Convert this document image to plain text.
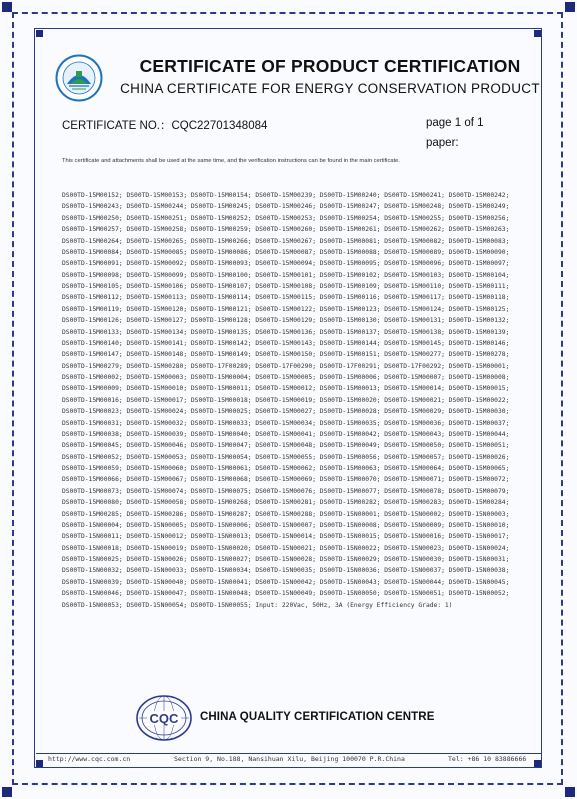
CERTIFICATE OF PRODUCT CERTIFICATION
CHINA CERTIFICATE FOR ENERGY CONSERVATION PRODUCT
CERTIFICATE NO.：CQC22701348084	page 1 of 1
paper:
This certificate and attachments shall be used at the same time, and the verification instructions can be found in the main certificate.
DS00TD-15M00152; DS00TD-15M00153; DS00TD-15M00154; DS00TD-15M00239; DS00TD-15M00240; DS00TD-15M00241; DS00TD-15M00242;
DS00TD-15M00243; DS00TD-15M00244; DS00TD-15M00245; DS00TD-15M00246; DS00TD-15M00247; DS00TD-15M00248; DS00TD-15M00249;
DS00TD-15M00250; DS00TD-15M00251; DS00TD-15M00252; DS00TD-15M00253; DS00TD-15M00254; DS00TD-15M00255; DS00TD-15M00256;
DS00TD-15M00257; DS00TD-15M00258; DS00TD-15M00259; DS00TD-15M00260; DS00TD-15M00261; DS00TD-15M00262; DS00TD-15M00263;
DS00TD-15M00264; DS00TD-15M00265; DS00TD-15M00266; DS00TD-15M00267; DS00TD-15M00081; DS00TD-15M00082; DS00TD-15M00083;
DS00TD-15M00084; DS00TD-15M00085; DS00TD-15M00086; DS00TD-15M00087; DS00TD-15M00088; DS00TD-15M00089; DS00TD-15M00090;
DS00TD-15M00091; DS00TD-15M00092; DS00TD-15M00093; DS00TD-15M00094; DS00TD-15M00095; DS00TD-15M00096; DS00TD-15M00097;
DS00TD-15M00098; DS00TD-15M00099; DS00TD-15M00100; DS00TD-15M00101; DS00TD-15M00102; DS00TD-15M00103; DS00TD-15M00104;
DS00TD-15M00105; DS00TD-15M00106; DS00TD-15M00107; DS00TD-15M00108; DS00TD-15M00109; DS00TD-15M00110; DS00TD-15M00111;
DS00TD-15M00112; DS00TD-15M00113; DS00TD-15M00114; DS00TD-15M00115; DS00TD-15M00116; DS00TD-15M00117; DS00TD-15M00118;
DS00TD-15M00119; DS00TD-15M00120; DS00TD-15M00121; DS00TD-15M00122; DS00TD-15M00123; DS00TD-15M00124; DS00TD-15M00125;
DS00TD-15M00126; DS00TD-15M00127; DS00TD-15M00128; DS00TD-15M00129; DS00TD-15M00130; DS00TD-15M00131; DS00TD-15M00132;
DS00TD-15M00133; DS00TD-15M00134; DS00TD-15M00135; DS00TD-15M00136; DS00TD-15M00137; DS00TD-15M00138; DS00TD-15M00139;
DS00TD-15M00140; DS00TD-15M00141; DS00TD-15M00142; DS00TD-15M00143; DS00TD-15M00144; DS00TD-15M00145; DS00TD-15M00146;
DS00TD-15M00147; DS00TD-15M00148; DS00TD-15M00149; DS00TD-15M00150; DS00TD-15M00151; DS00TD-15M00277; DS00TD-15M00278;
DS00TD-15M00279; DS00TD-15M00280; DS00TD-17F00289; DS00TD-17F00290; DS00TD-17F00291; DS00TD-17F00292; DS00TD-15M00001;
DS00TD-15M00002; DS00TD-15M00003; DS00TD-15M00004; DS00TD-15M00005; DS00TD-15M00006; DS00TD-15M00007; DS00TD-15M00008;
DS00TD-15M00009; DS00TD-15M00010; DS00TD-15M00011; DS00TD-15M00012; DS00TD-15M00013; DS00TD-15M00014; DS00TD-15M00015;
DS00TD-15M00016; DS00TD-15M00017; DS00TD-15M00018; DS00TD-15M00019; DS00TD-15M00020; DS00TD-15M00021; DS00TD-15M00022;
DS00TD-15M00023; DS00TD-15M00024; DS00TD-15M00025; DS00TD-15M00027; DS00TD-15M00028; DS00TD-15M00029; DS00TD-15M00030;
DS00TD-15M00031; DS00TD-15M00032; DS00TD-15M00033; DS00TD-15M00034; DS00TD-15M00035; DS00TD-15M00036; DS00TD-15M00037;
DS00TD-15M00038; DS00TD-15M00039; DS00TD-15M00040; DS00TD-15M00041; DS00TD-15M00042; DS00TD-15M00043; DS00TD-15M00044;
DS00TD-15M00045; DS00TD-15M00046; DS00TD-15M00047; DS00TD-15M00048; DS00TD-15M00049; DS00TD-15M00050; DS00TD-15M00051;
DS00TD-15M00052; DS00TD-15M00053; DS00TD-15M00054; DS00TD-15M00055; DS00TD-15M00056; DS00TD-15M00057; DS00TD-15M00026;
DS00TD-15M00059; DS00TD-15M00060; DS00TD-15M00061; DS00TD-15M00062; DS00TD-15M00063; DS00TD-15M00064; DS00TD-15M00065;
DS00TD-15M00066; DS00TD-15M00067; DS00TD-15M00068; DS00TD-15M00069; DS00TD-15M00070; DS00TD-15M00071; DS00TD-15M00072;
DS00TD-15M00073; DS00TD-15M00074; DS00TD-15M00075; DS00TD-15M00076; DS00TD-15M00077; DS00TD-15M00078; DS00TD-15M00079;
DS00TD-15M00080; DS00TD-15M00058; DS00TD-15M00268; DS00TD-15M00281; DS00TD-15M00282; DS00TD-15M00283; DS00TD-15M00284;
DS00TD-15M00285; DS00TD-15M00286; DS00TD-15M00287; DS00TD-15M00288; DS00TD-15N00001; DS00TD-15N00002; DS00TD-15N00003;
DS00TD-15N00004; DS00TD-15N00005; DS00TD-15N00006; DS00TD-15N00007; DS00TD-15N00008; DS00TD-15N00009; DS00TD-15N00010;
DS00TD-15N00011; DS00TD-15N00012; DS00TD-15N00013; DS00TD-15N00014; DS00TD-15N00015; DS00TD-15N00016; DS00TD-15N00017;
DS00TD-15N00018; DS00TD-15N00019; DS00TD-15N00020; DS00TD-15N00021; DS00TD-15N00022; DS00TD-15N00023; DS00TD-15N00024;
DS00TD-15N00025; DS00TD-15N00026; DS00TD-15N00027; DS00TD-15N00028; DS00TD-15N00029; DS00TD-15N00030; DS00TD-15N00031;
DS00TD-15N00032; DS00TD-15N00033; DS00TD-15N00034; DS00TD-15N00035; DS00TD-15N00036; DS00TD-15N00037; DS00TD-15N00038;
DS00TD-15N00039; DS00TD-15N00040; DS00TD-15N00041; DS00TD-15N00042; DS00TD-15N00043; DS00TD-15N00044; DS00TD-15N00045;
DS00TD-15N00046; DS00TD-15N00047; DS00TD-15N00048; DS00TD-15N00049; DS00TD-15N00050; DS00TD-15N00051; DS00TD-15N00052;
DS00TD-15N00053; DS00TD-15N00054; DS00TD-15N00055; Input: 220Vac, 50Hz, 3A (Energy Efficiency Grade: 1)
CQC CHINA QUALITY CERTIFICATION CENTRE
http://www.cqc.com.cn	Section 9, No.188, Nansihuan Xilu, Beijing 100070 P.R.China	Tel: +86 10 83886666
